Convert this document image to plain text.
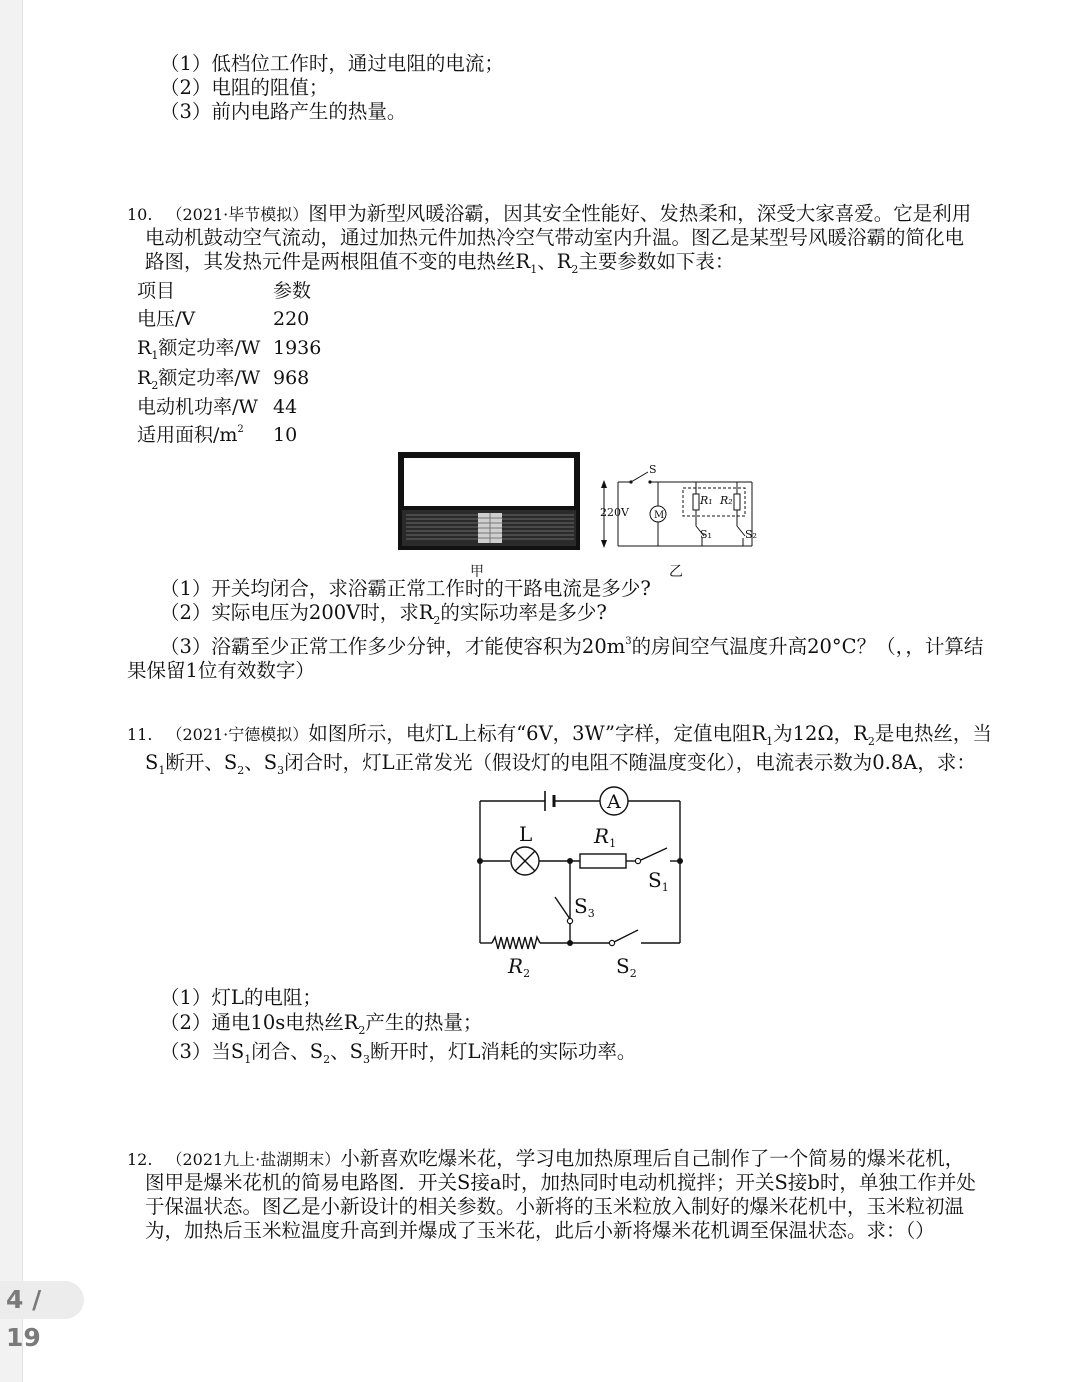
（1）低档位工作时，通过电阻的电流；
（2）电阻的阻值；
（3）前内电路产生的热量。
10. （2021·毕节模拟）图甲为新型风暖浴霸，因其安全性能好、发热柔和，深受大家喜爱。它是利用
电动机鼓动空气流动，通过加热元件加热冷空气带动室内升温。图乙是某型号风暖浴霸的简化电
路图，其发热元件是两根阻值不变的电热丝$R_1$、$R_2$主要参数如下表：
项目	参数
电压/V	220
$R_1$额定功率/W 1936
$R_2$额定功率/W 968
电动机功率/W 44
适用面积$/m^2$ 10
甲
220V	M
S
R₁ R₂
S₁	S₂
乙
（1）开关均闭合，求浴霸正常工作时的干路电流是多少?
（2）实际电压为200V时，求$R_2$的实际功率是多少?
（3）浴霸至少正常工作多少分钟，才能使容积为$20m^3$的房间空气温度升高20°C？（，，计算结
果保留1位有效数字）
11. （2021·宁德模拟）如图所示，电灯L上标有“6V，3W”字样，定值电阻$R_1$为12Ω，$R_2$是电热丝，当
$S_1$断开、$S_2$、$S_3$闭合时，灯L正常发光（假设灯的电阻不随温度变化），电流表示数为0.8A，求：
A
L	$R_1$
$S_1$
$S_3$
$R_2$	$S_2$
（1）灯L的电阻；
（2）通电10s电热丝$R_2$产生的热量；
（3）当$S_1$闭合、$S_2$、$S_3$断开时，灯L消耗的实际功率。
12. （2021九上·盐湖期末）小新喜欢吃爆米花，学习电加热原理后自己制作了一个简易的爆米花机，
图甲是爆米花机的简易电路图．开关S接a时，加热同时电动机搅拌；开关S接b时，单独工作并处
于保温状态。图乙是小新设计的相关参数。小新将的玉米粒放入制好的爆米花机中，玉米粒初温
为，加热后玉米粒温度升高到并爆成了玉米花，此后小新将爆米花机调至保温状态。求：（）
4 / 19
